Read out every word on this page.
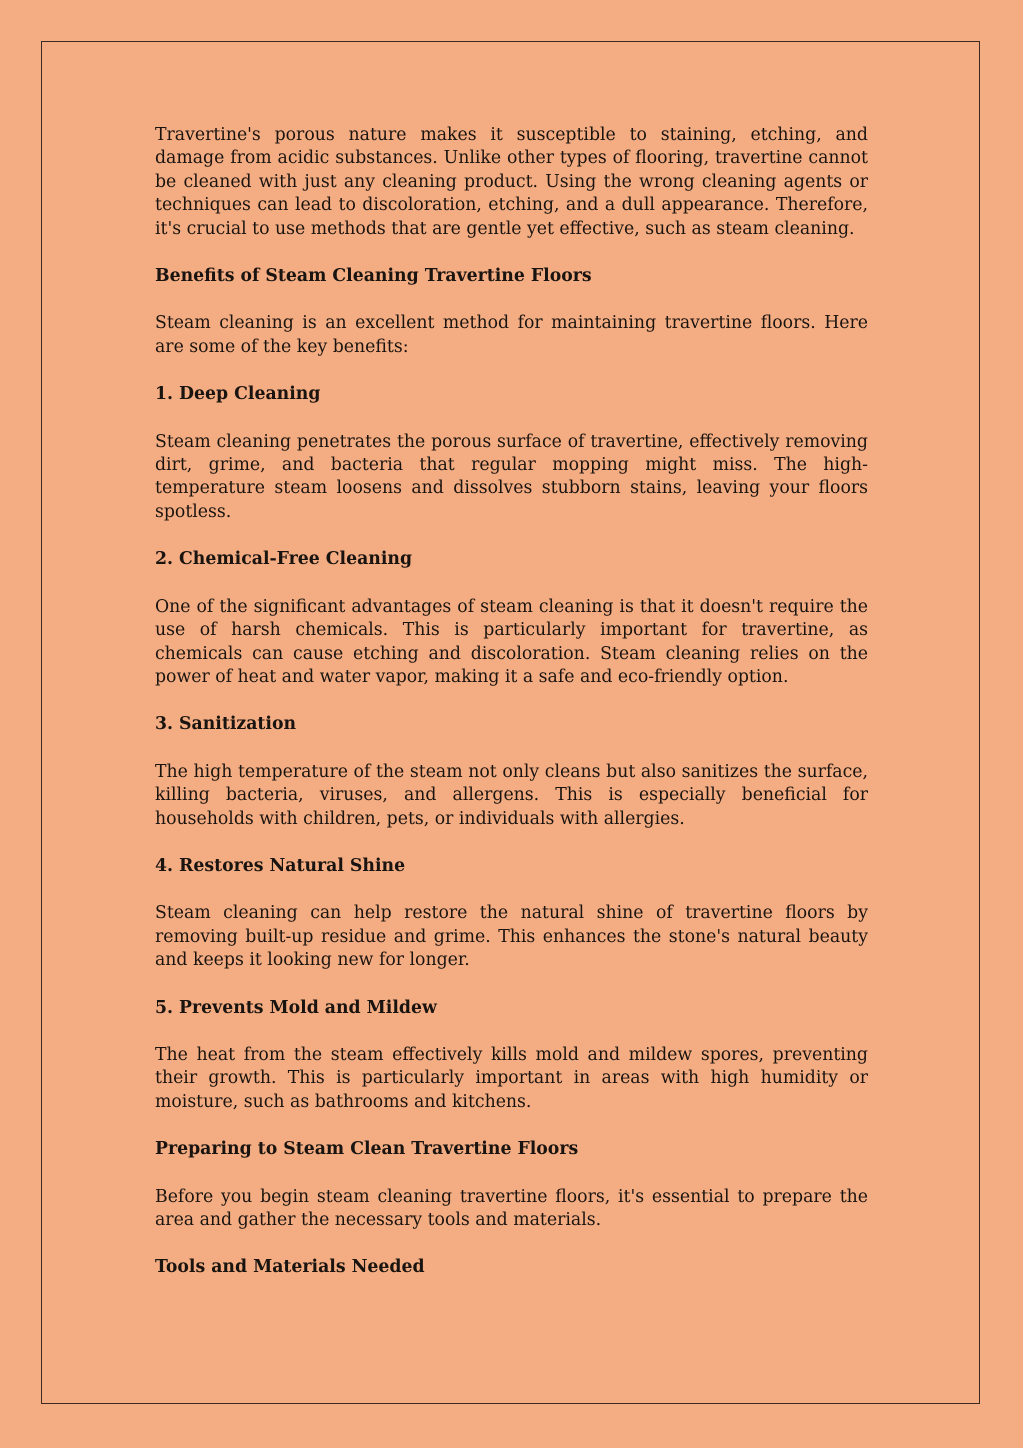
Travertine's porous nature makes it susceptible to staining, etching, and damage from acidic substances. Unlike other types of flooring, travertine cannot be cleaned with just any cleaning product. Using the wrong cleaning agents or techniques can lead to discoloration, etching, and a dull appearance. Therefore, it's crucial to use methods that are gentle yet effective, such as steam cleaning.

Benefits of Steam Cleaning Travertine Floors

Steam cleaning is an excellent method for maintaining travertine floors. Here are some of the key benefits:

1. Deep Cleaning

Steam cleaning penetrates the porous surface of travertine, effectively removing dirt, grime, and bacteria that regular mopping might miss. The high-temperature steam loosens and dissolves stubborn stains, leaving your floors spotless.

2. Chemical-Free Cleaning

One of the significant advantages of steam cleaning is that it doesn't require the use of harsh chemicals. This is particularly important for travertine, as chemicals can cause etching and discoloration. Steam cleaning relies on the power of heat and water vapor, making it a safe and eco-friendly option.

3. Sanitization

The high temperature of the steam not only cleans but also sanitizes the surface, killing bacteria, viruses, and allergens. This is especially beneficial for households with children, pets, or individuals with allergies.

4. Restores Natural Shine

Steam cleaning can help restore the natural shine of travertine floors by removing built-up residue and grime. This enhances the stone's natural beauty and keeps it looking new for longer.

5. Prevents Mold and Mildew

The heat from the steam effectively kills mold and mildew spores, preventing their growth. This is particularly important in areas with high humidity or moisture, such as bathrooms and kitchens.

Preparing to Steam Clean Travertine Floors

Before you begin steam cleaning travertine floors, it's essential to prepare the area and gather the necessary tools and materials.

Tools and Materials Needed
